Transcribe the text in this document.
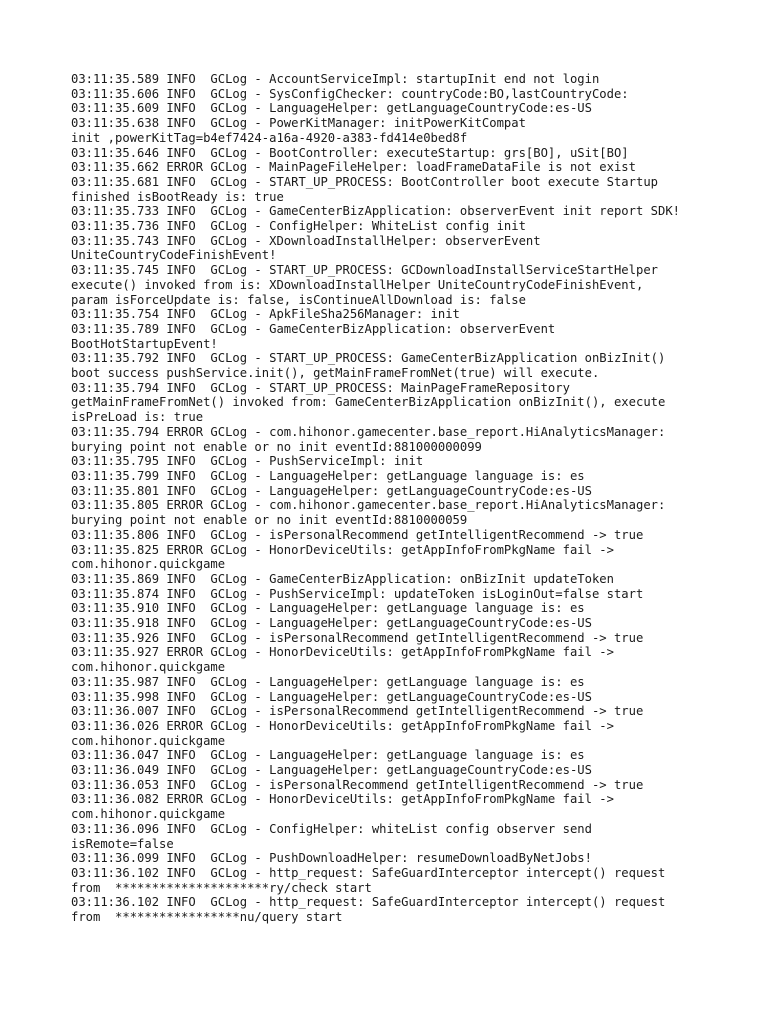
03:11:35.589 INFO  GCLog - AccountServiceImpl: startupInit end not login
03:11:35.606 INFO  GCLog - SysConfigChecker: countryCode:BO,lastCountryCode:
03:11:35.609 INFO  GCLog - LanguageHelper: getLanguageCountryCode:es-US
03:11:35.638 INFO  GCLog - PowerKitManager: initPowerKitCompat
init ,powerKitTag=b4ef7424-a16a-4920-a383-fd414e0bed8f
03:11:35.646 INFO  GCLog - BootController: executeStartup: grs[BO], uSit[BO]
03:11:35.662 ERROR GCLog - MainPageFileHelper: loadFrameDataFile is not exist
03:11:35.681 INFO  GCLog - START_UP_PROCESS: BootController boot execute Startup
finished isBootReady is: true
03:11:35.733 INFO  GCLog - GameCenterBizApplication: observerEvent init report SDK!
03:11:35.736 INFO  GCLog - ConfigHelper: WhiteList config init
03:11:35.743 INFO  GCLog - XDownloadInstallHelper: observerEvent
UniteCountryCodeFinishEvent!
03:11:35.745 INFO  GCLog - START_UP_PROCESS: GCDownloadInstallServiceStartHelper
execute() invoked from is: XDownloadInstallHelper UniteCountryCodeFinishEvent,
param isForceUpdate is: false, isContinueAllDownload is: false
03:11:35.754 INFO  GCLog - ApkFileSha256Manager: init
03:11:35.789 INFO  GCLog - GameCenterBizApplication: observerEvent
BootHotStartupEvent!
03:11:35.792 INFO  GCLog - START_UP_PROCESS: GameCenterBizApplication onBizInit()
boot success pushService.init(), getMainFrameFromNet(true) will execute.
03:11:35.794 INFO  GCLog - START_UP_PROCESS: MainPageFrameRepository
getMainFrameFromNet() invoked from: GameCenterBizApplication onBizInit(), execute
isPreLoad is: true
03:11:35.794 ERROR GCLog - com.hihonor.gamecenter.base_report.HiAnalyticsManager:
burying point not enable or no init eventId:881000000099
03:11:35.795 INFO  GCLog - PushServiceImpl: init
03:11:35.799 INFO  GCLog - LanguageHelper: getLanguage language is: es
03:11:35.801 INFO  GCLog - LanguageHelper: getLanguageCountryCode:es-US
03:11:35.805 ERROR GCLog - com.hihonor.gamecenter.base_report.HiAnalyticsManager:
burying point not enable or no init eventId:8810000059
03:11:35.806 INFO  GCLog - isPersonalRecommend getIntelligentRecommend -> true
03:11:35.825 ERROR GCLog - HonorDeviceUtils: getAppInfoFromPkgName fail ->
com.hihonor.quickgame
03:11:35.869 INFO  GCLog - GameCenterBizApplication: onBizInit updateToken
03:11:35.874 INFO  GCLog - PushServiceImpl: updateToken isLoginOut=false start
03:11:35.910 INFO  GCLog - LanguageHelper: getLanguage language is: es
03:11:35.918 INFO  GCLog - LanguageHelper: getLanguageCountryCode:es-US
03:11:35.926 INFO  GCLog - isPersonalRecommend getIntelligentRecommend -> true
03:11:35.927 ERROR GCLog - HonorDeviceUtils: getAppInfoFromPkgName fail ->
com.hihonor.quickgame
03:11:35.987 INFO  GCLog - LanguageHelper: getLanguage language is: es
03:11:35.998 INFO  GCLog - LanguageHelper: getLanguageCountryCode:es-US
03:11:36.007 INFO  GCLog - isPersonalRecommend getIntelligentRecommend -> true
03:11:36.026 ERROR GCLog - HonorDeviceUtils: getAppInfoFromPkgName fail ->
com.hihonor.quickgame
03:11:36.047 INFO  GCLog - LanguageHelper: getLanguage language is: es
03:11:36.049 INFO  GCLog - LanguageHelper: getLanguageCountryCode:es-US
03:11:36.053 INFO  GCLog - isPersonalRecommend getIntelligentRecommend -> true
03:11:36.082 ERROR GCLog - HonorDeviceUtils: getAppInfoFromPkgName fail ->
com.hihonor.quickgame
03:11:36.096 INFO  GCLog - ConfigHelper: whiteList config observer send
isRemote=false
03:11:36.099 INFO  GCLog - PushDownloadHelper: resumeDownloadByNetJobs!
03:11:36.102 INFO  GCLog - http_request: SafeGuardInterceptor intercept() request
from  *********************ry/check start
03:11:36.102 INFO  GCLog - http_request: SafeGuardInterceptor intercept() request
from  *****************nu/query start
